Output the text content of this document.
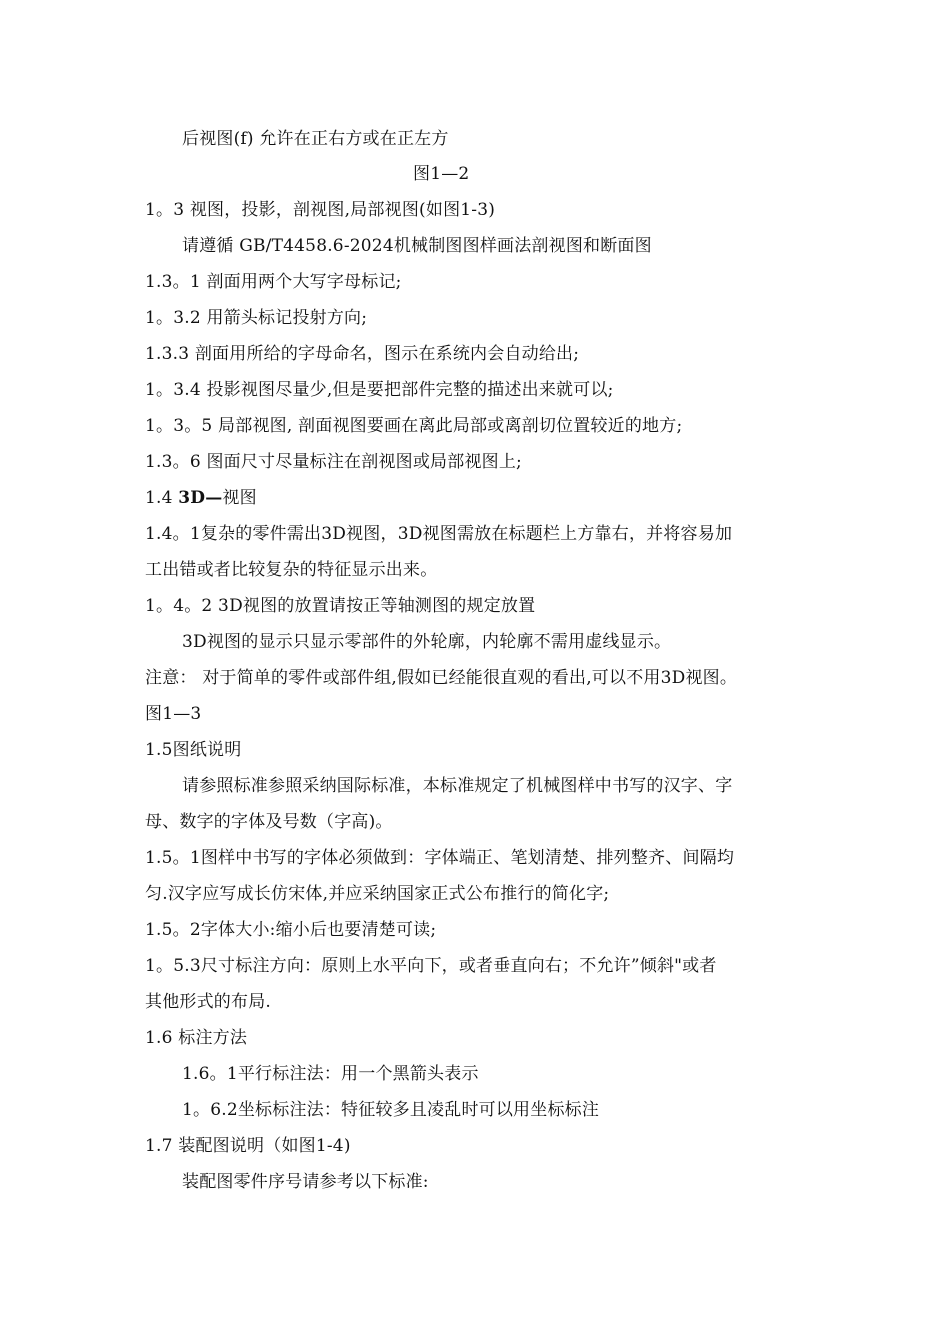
后视图(f) 允许在正右方或在正左方
图1—2
1。3 视图，投影，剖视图,局部视图(如图1-3)
请遵循 GB/T4458.6-2024机械制图图样画法剖视图和断面图
1.3。1 剖面用两个大写字母标记;
1。3.2 用箭头标记投射方向;
1.3.3 剖面用所给的字母命名，图示在系统内会自动给出;
1。3.4 投影视图尽量少,但是要把部件完整的描述出来就可以;
1。3。5 局部视图, 剖面视图要画在离此局部或离剖切位置较近的地方;
1.3。6 图面尺寸尽量标注在剖视图或局部视图上;
1.4 3D—视图
1.4。1复杂的零件需出3D视图，3D视图需放在标题栏上方靠右，并将容易加
工出错或者比较复杂的特征显示出来。
1。4。2 3D视图的放置请按正等轴测图的规定放置
3D视图的显示只显示零部件的外轮廓，内轮廓不需用虚线显示。
注意： 对于简单的零件或部件组,假如已经能很直观的看出,可以不用3D视图。
图1—3
1.5图纸说明
请参照标准参照采纳国际标准，本标准规定了机械图样中书写的汉字、字
母、数字的字体及号数（字高)。
1.5。1图样中书写的字体必须做到：字体端正、笔划清楚、排列整齐、间隔均
匀.汉字应写成长仿宋体,并应采纳国家正式公布推行的简化字;
1.5。2字体大小:缩小后也要清楚可读;
1。5.3尺寸标注方向：原则上水平向下，或者垂直向右；不允许”倾斜"或者
其他形式的布局.
1.6 标注方法
1.6。1平行标注法：用一个黑箭头表示
1。6.2坐标标注法：特征较多且凌乱时可以用坐标标注
1.7 装配图说明（如图1-4)
装配图零件序号请参考以下标准:
